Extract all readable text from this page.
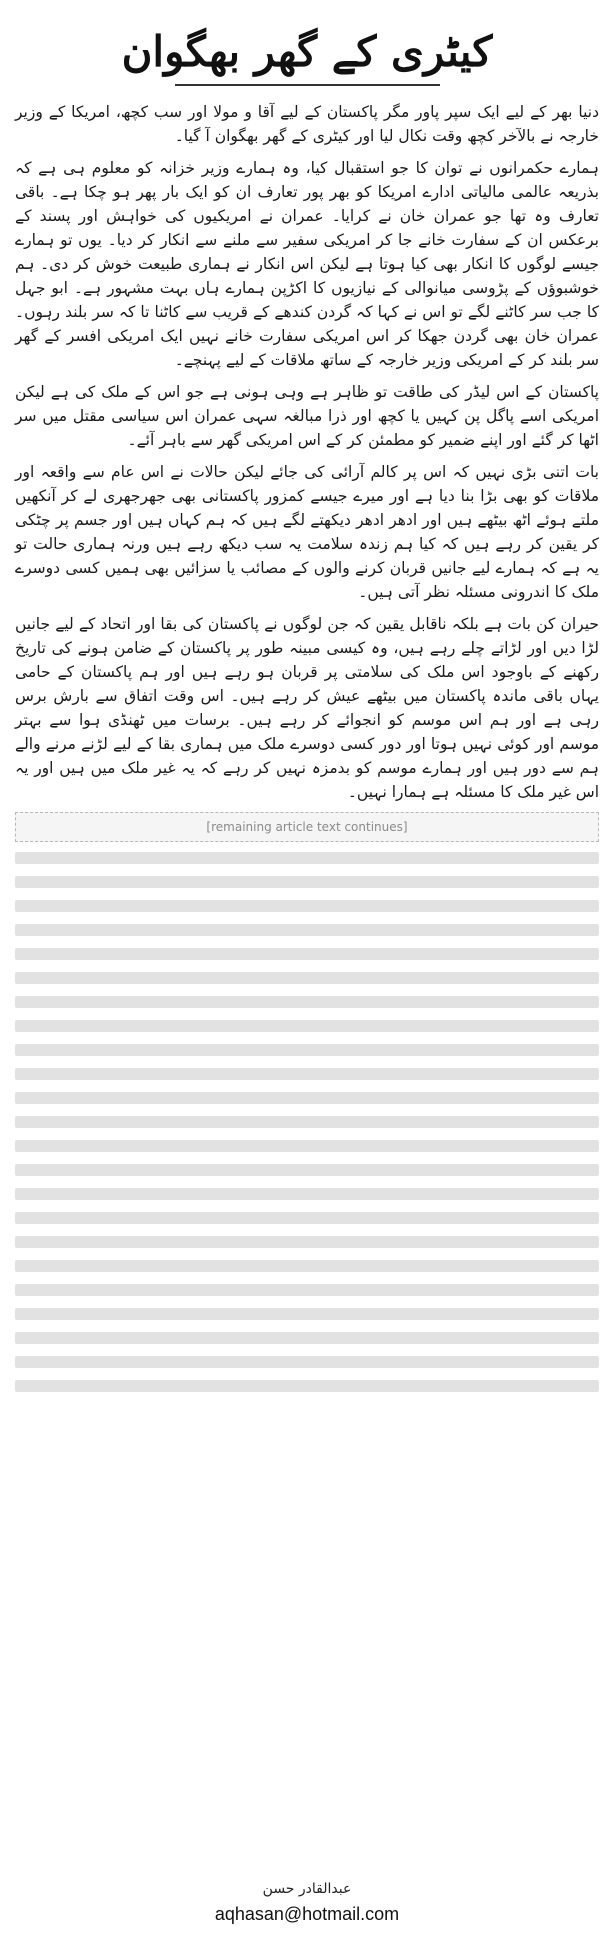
کیٹری کے گھر بھگوان

دنیا بھر کے لیے ایک سپر پاور مگر پاکستان کے لیے آقا و مولا اور سب کچھ، امریکا کے وزیر خارجہ نے بالآخر کچھ وقت نکال لیا اور کیٹری کے گھر بھگوان آ گیا۔

ہمارے حکمرانوں نے توان کا جو استقبال کیا، وہ ہمارے وزیر خزانہ کو معلوم ہی ہے کہ بذریعہ عالمی مالیاتی ادارے امریکا کو بھر پور تعارف ان کو ایک بار پھر ہو چکا ہے۔ باقی تعارف وہ تھا جو عمران خان نے کرایا۔ عمران نے امریکیوں کی خواہش اور پسند کے برعکس ان کے سفارت خانے جا کر امریکی سفیر سے ملنے سے انکار کر دیا۔ یوں تو ہمارے جیسے لوگوں کا انکار بھی کیا ہوتا ہے لیکن اس انکار نے ہماری طبیعت خوش کر دی۔ ہم خوشبوؤں کے پڑوسی میانوالی کے نیازیوں کا اکڑپن ہمارے ہاں بہت مشہور ہے۔ ابو جہل کا جب سر کاٹنے لگے تو اس نے کہا کہ گردن کندھے کے قریب سے کاٹنا تا کہ سر بلند رہوں۔ عمران خان بھی گردن جھکا کر اس امریکی سفارت خانے نہیں ایک امریکی افسر کے گھر سر بلند کر کے امریکی وزیر خارجہ کے ساتھ ملاقات کے لیے پہنچے۔

پاکستان کے اس لیڈر کی طاقت تو ظاہر ہے وہی ہونی ہے جو اس کے ملک کی ہے لیکن امریکی اسے پاگل پن کہیں یا کچھ اور ذرا مبالغہ سہی عمران اس سیاسی مقتل میں سر اٹھا کر گئے اور اپنے ضمیر کو مطمئن کر کے اس امریکی گھر سے باہر آئے۔

بات اتنی بڑی نہیں کہ اس پر کالم آرائی کی جائے لیکن حالات نے اس عام سے واقعہ اور ملاقات کو بھی بڑا بنا دیا ہے اور میرے جیسے کمزور پاکستانی بھی جھرجھری لے کر آنکھیں ملتے ہوئے اٹھ بیٹھے ہیں اور ادھر ادھر دیکھتے لگے ہیں کہ ہم کہاں ہیں اور جسم پر چٹکی کر یقین کر رہے ہیں کہ کیا ہم زندہ سلامت یہ سب دیکھ رہے ہیں ورنہ ہماری حالت تو یہ ہے کہ ہمارے لیے جانیں قربان کرنے والوں کے مصائب یا سزائیں بھی ہمیں کسی دوسرے ملک کا اندرونی مسئلہ نظر آتی ہیں۔

حیران کن بات ہے بلکہ ناقابل یقین کہ جن لوگوں نے پاکستان کی بقا اور اتحاد کے لیے جانیں لڑا دیں اور لڑاتے چلے رہے ہیں، وہ کیسی مبینہ طور پر پاکستان کے ضامن ہونے کی تاریخ رکھنے کے باوجود اس ملک کی سلامتی پر قربان ہو رہے ہیں اور ہم پاکستان کے حامی یہاں باقی ماندہ پاکستان میں بیٹھے عیش کر رہے ہیں۔ اس وقت اتفاق سے بارش برس رہی ہے اور ہم اس موسم کو انجوائے کر رہے ہیں۔ برسات میں ٹھنڈی ہوا سے بہتر موسم اور کوئی نہیں ہوتا اور دور کسی دوسرے ملک میں ہماری بقا کے لیے لڑنے مرنے والے ہم سے دور ہیں اور ہمارے موسم کو بدمزہ نہیں کر رہے کہ یہ غیر ملک میں ہیں اور یہ اس غیر ملک کا مسئلہ ہے ہمارا نہیں۔

[remaining article text continues]
عبدالقادر حسن
aqhasan@hotmail.com
